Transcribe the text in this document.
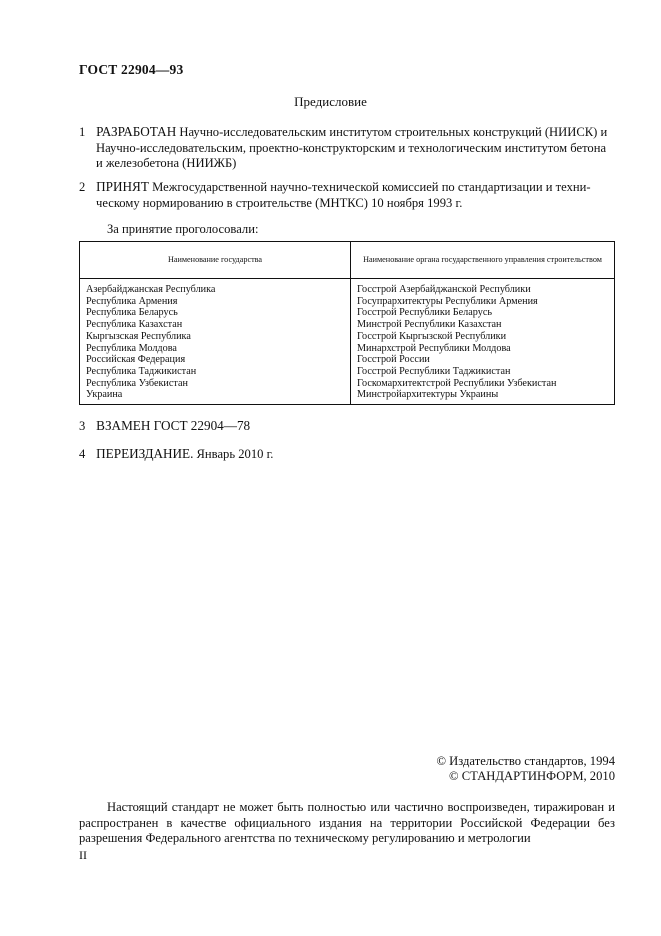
ГОСТ 22904—93
Предисловие
1 РАЗРАБОТАН Научно-исследовательским институтом строительных конструкций (НИИСК) и
Научно-исследовательским, проектно-конструкторским и технологическим институтом бетона
и железобетона (НИИЖБ)
2 ПРИНЯТ Межгосударственной научно-технической комиссией по стандартизации и техни-
ческому нормированию в строительстве (МНТКС) 10 ноября 1993 г.
За принятие проголосовали:
Наименование государства	Наименование органа государственного управления строительством
Азербайджанская Республика	Госстрой Азербайджанской Республики
Республика Армения	Госупрархитектуры Республики Армения
Республика Беларусь	Госстрой Республики Беларусь
Республика Казахстан	Минстрой Республики Казахстан
Кыргызская Республика	Госстрой Кыргызской Республики
Республика Молдова	Минархстрой Республики Молдова
Российская Федерация	Госстрой России
Республика Таджикистан	Госстрой Республики Таджикистан
Республика Узбекистан	Госкомархитектстрой Республики Узбекистан
Украина	Минстройархитектуры Украины
3 ВЗАМЕН ГОСТ 22904—78
4 ПЕРЕИЗДАНИЕ. Январь 2010 г.
© Издательство стандартов, 1994
© СТАНДАРТИНФОРМ, 2010
Настоящий стандарт не может быть полностью или частично воспроизведен, тиражирован и распространен в качестве официального издания на территории Российской Федерации без разрешения Федерального агентства по техническому регулированию и метрологии
II
